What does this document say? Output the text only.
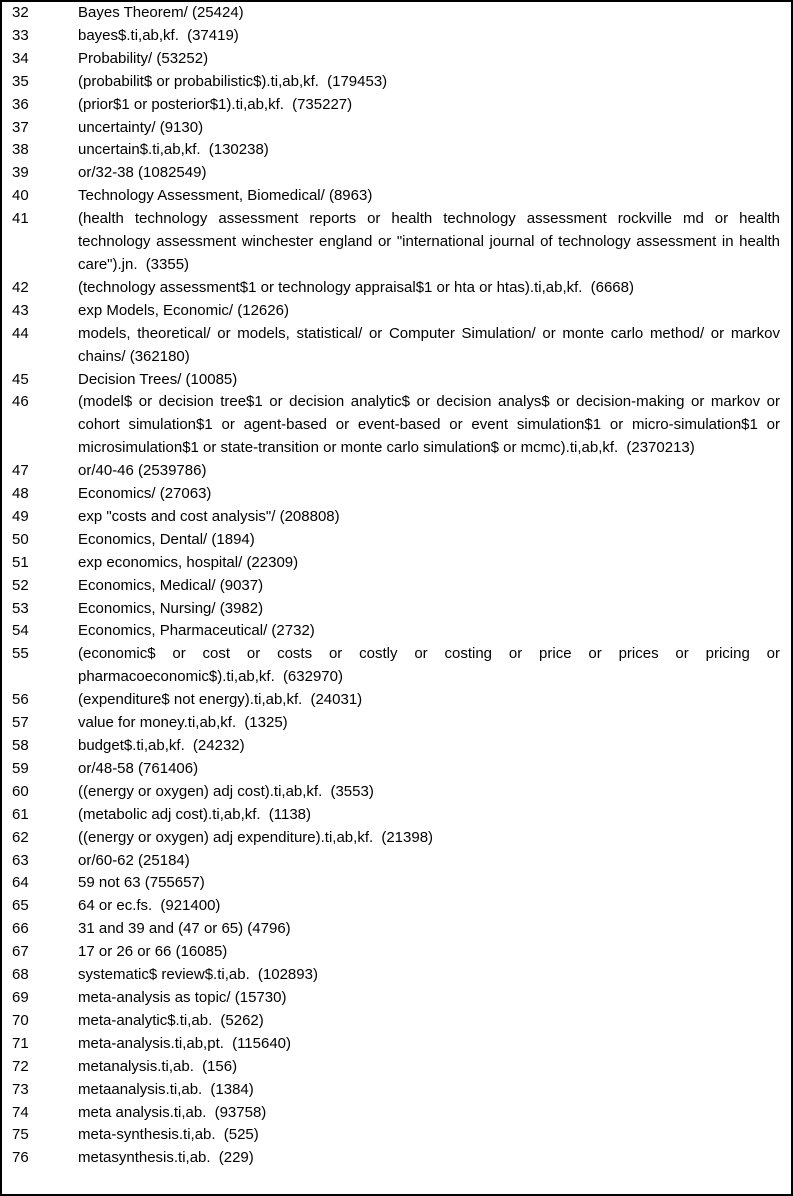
32	Bayes Theorem/ (25424)
33	bayes$.ti,ab,kf. (37419)
34	Probability/ (53252)
35	(probabilit$ or probabilistic$).ti,ab,kf. (179453)
36	(prior$1 or posterior$1).ti,ab,kf. (735227)
37	uncertainty/ (9130)
38	uncertain$.ti,ab,kf. (130238)
39	or/32-38 (1082549)
40	Technology Assessment, Biomedical/ (8963)
41	(health technology assessment reports or health technology assessment rockville md or health technology assessment winchester england or "international journal of technology assessment in health care").jn. (3355)
42	(technology assessment$1 or technology appraisal$1 or hta or htas).ti,ab,kf. (6668)
43	exp Models, Economic/ (12626)
44	models, theoretical/ or models, statistical/ or Computer Simulation/ or monte carlo method/ or markov chains/ (362180)
45	Decision Trees/ (10085)
46	(model$ or decision tree$1 or decision analytic$ or decision analys$ or decision-making or markov or cohort simulation$1 or agent-based or event-based or event simulation$1 or micro-simulation$1 or microsimulation$1 or state-transition or monte carlo simulation$ or mcmc).ti,ab,kf. (2370213)
47	or/40-46 (2539786)
48	Economics/ (27063)
49	exp "costs and cost analysis"/ (208808)
50	Economics, Dental/ (1894)
51	exp economics, hospital/ (22309)
52	Economics, Medical/ (9037)
53	Economics, Nursing/ (3982)
54	Economics, Pharmaceutical/ (2732)
55	(economic$ or cost or costs or costly or costing or price or prices or pricing or pharmacoeconomic$).ti,ab,kf. (632970)
56	(expenditure$ not energy).ti,ab,kf. (24031)
57	value for money.ti,ab,kf. (1325)
58	budget$.ti,ab,kf. (24232)
59	or/48-58 (761406)
60	((energy or oxygen) adj cost).ti,ab,kf. (3553)
61	(metabolic adj cost).ti,ab,kf. (1138)
62	((energy or oxygen) adj expenditure).ti,ab,kf. (21398)
63	or/60-62 (25184)
64	59 not 63 (755657)
65	64 or ec.fs. (921400)
66	31 and 39 and (47 or 65) (4796)
67	17 or 26 or 66 (16085)
68	systematic$ review$.ti,ab. (102893)
69	meta-analysis as topic/ (15730)
70	meta-analytic$.ti,ab. (5262)
71	meta-analysis.ti,ab,pt. (115640)
72	metanalysis.ti,ab. (156)
73	metaanalysis.ti,ab. (1384)
74	meta analysis.ti,ab. (93758)
75	meta-synthesis.ti,ab. (525)
76	metasynthesis.ti,ab. (229)
